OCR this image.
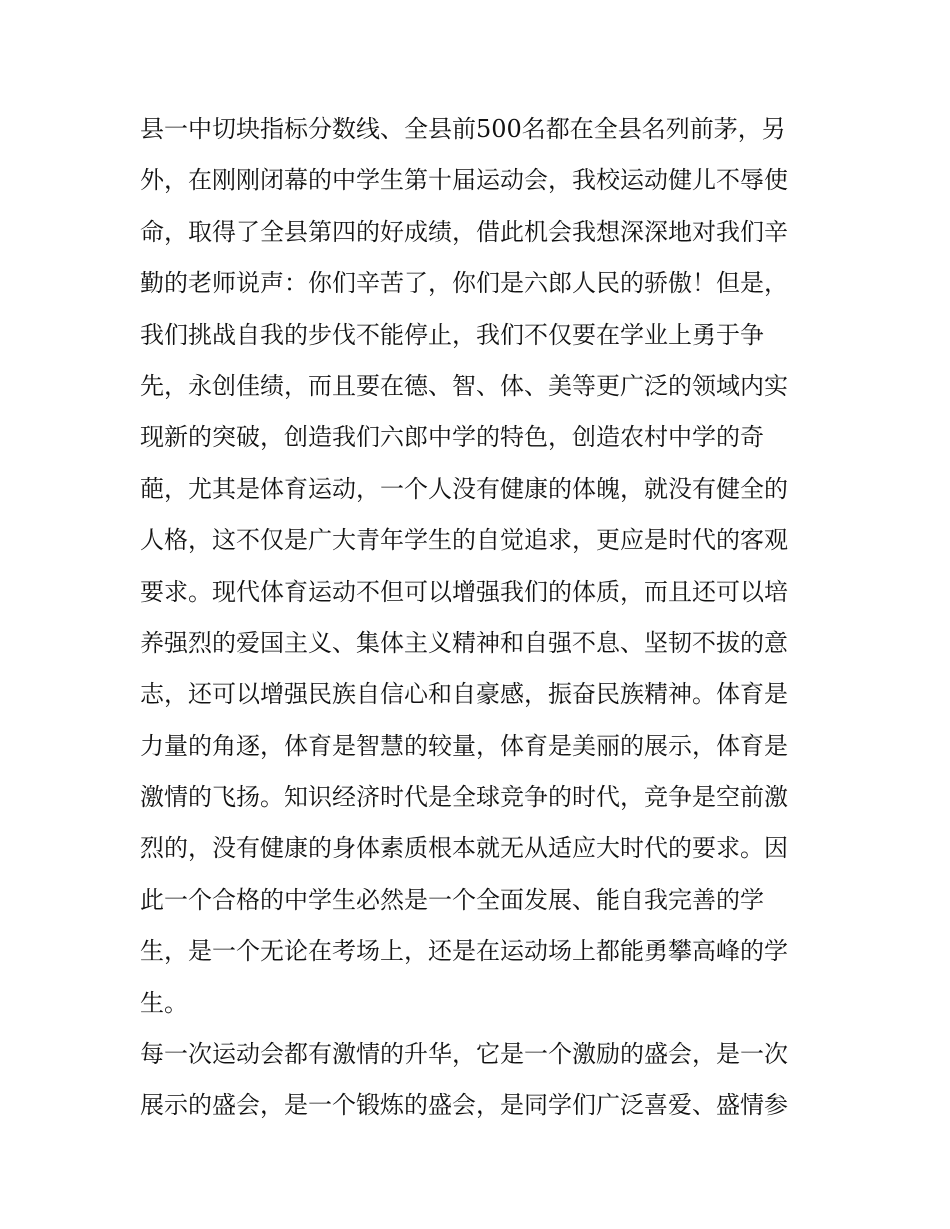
县一中切块指标分数线、全县前500名都在全县名列前茅，另
外，在刚刚闭幕的中学生第十届运动会，我校运动健儿不辱使
命，取得了全县第四的好成绩，借此机会我想深深地对我们辛
勤的老师说声：你们辛苦了，你们是六郎人民的骄傲！但是，
我们挑战自我的步伐不能停止，我们不仅要在学业上勇于争
先，永创佳绩，而且要在德、智、体、美等更广泛的领域内实
现新的突破，创造我们六郎中学的特色，创造农村中学的奇
葩，尤其是体育运动，一个人没有健康的体魄，就没有健全的
人格，这不仅是广大青年学生的自觉追求，更应是时代的客观
要求。现代体育运动不但可以增强我们的体质，而且还可以培
养强烈的爱国主义、集体主义精神和自强不息、坚韧不拔的意
志，还可以增强民族自信心和自豪感，振奋民族精神。体育是
力量的角逐，体育是智慧的较量，体育是美丽的展示，体育是
激情的飞扬。知识经济时代是全球竞争的时代，竞争是空前激
烈的，没有健康的身体素质根本就无从适应大时代的要求。因
此一个合格的中学生必然是一个全面发展、能自我完善的学
生，是一个无论在考场上，还是在运动场上都能勇攀高峰的学
生。
每一次运动会都有激情的升华，它是一个激励的盛会，是一次
展示的盛会，是一个锻炼的盛会，是同学们广泛喜爱、盛情参
